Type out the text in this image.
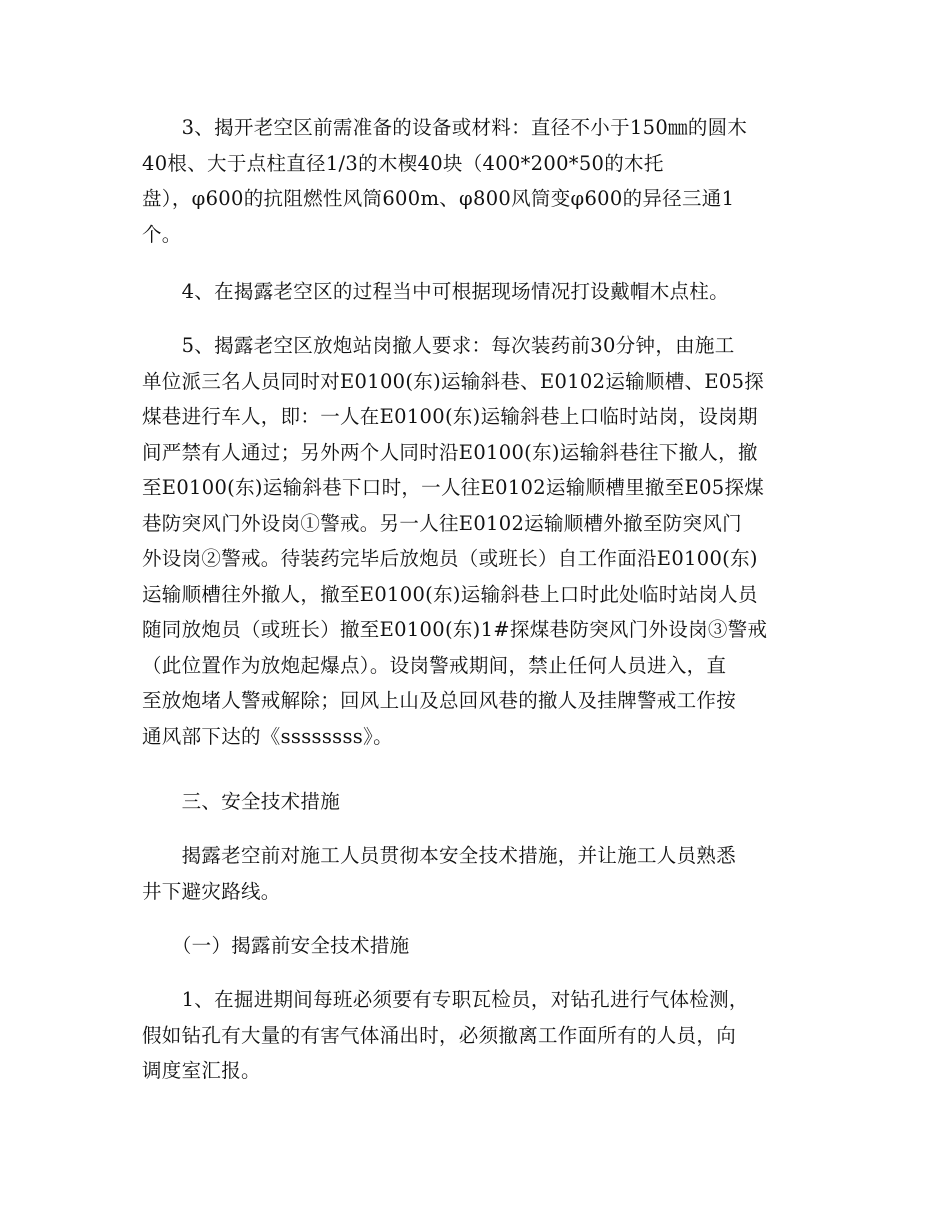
　　3、揭开老空区前需准备的设备或材料：直径不小于150㎜的圆木
40根、大于点柱直径1/3的木楔40块（400*200*50的木托
盘），φ600的抗阻燃性风筒600m、φ800风筒变φ600的异径三通1
个。

　　4、在揭露老空区的过程当中可根据现场情况打设戴帽木点柱。

　　5、揭露老空区放炮站岗撤人要求：每次装药前30分钟，由施工
单位派三名人员同时对E0100(东)运输斜巷、E0102运输顺槽、E05探
煤巷进行车人，即：一人在E0100(东)运输斜巷上口临时站岗，设岗期
间严禁有人通过；另外两个人同时沿E0100(东)运输斜巷往下撤人，撤
至E0100(东)运输斜巷下口时，一人往E0102运输顺槽里撤至E05探煤
巷防突风门外设岗①警戒。另一人往E0102运输顺槽外撤至防突风门
外设岗②警戒。待装药完毕后放炮员（或班长）自工作面沿E0100(东)
运输顺槽往外撤人，撤至E0100(东)运输斜巷上口时此处临时站岗人员
随同放炮员（或班长）撤至E0100(东)1#探煤巷防突风门外设岗③警戒
（此位置作为放炮起爆点）。设岗警戒期间，禁止任何人员进入，直
至放炮堵人警戒解除；回风上山及总回风巷的撤人及挂牌警戒工作按
通风部下达的《ssssssss》。

　　三、安全技术措施

　　揭露老空前对施工人员贯彻本安全技术措施，并让施工人员熟悉
井下避灾路线。

　　（一）揭露前安全技术措施

　　1、在掘进期间每班必须要有专职瓦检员，对钻孔进行气体检测，
假如钻孔有大量的有害气体涌出时，必须撤离工作面所有的人员，向
调度室汇报。
